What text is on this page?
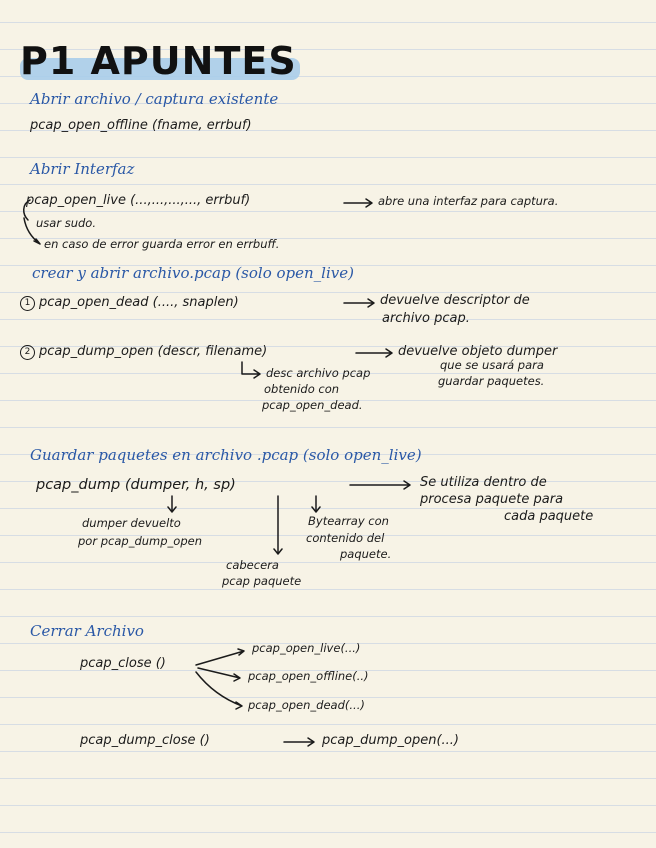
P1 APUNTES
Abrir archivo / captura existente
pcap_open_offline (fname, errbuf)
Abrir Interfaz
pcap_open_live (...,...,...,..., errbuf)	abre una interfaz para captura.
usar sudo.
en caso de error guarda error en errbuff.
crear y abrir archivo.pcap (solo open_live)
1 pcap_open_dead (...., snaplen)	devuelve descriptor de
archivo pcap.
2 pcap_dump_open (descr, filename)	devuelve objeto dumper
que se usará para
guardar paquetes.
desc archivo pcap
obtenido con
pcap_open_dead.
Guardar paquetes en archivo .pcap (solo open_live)
pcap_dump (dumper, h, sp)	Se utiliza dentro de
procesa paquete para
cada paquete
dumper devuelto
por pcap_dump_open
cabecera
pcap paquete
Bytearray con
contenido del
paquete.
Cerrar Archivo
pcap_close ()
pcap_open_live(...)
pcap_open_offline(..)
pcap_open_dead(...)
pcap_dump_close ()	pcap_dump_open(...)
